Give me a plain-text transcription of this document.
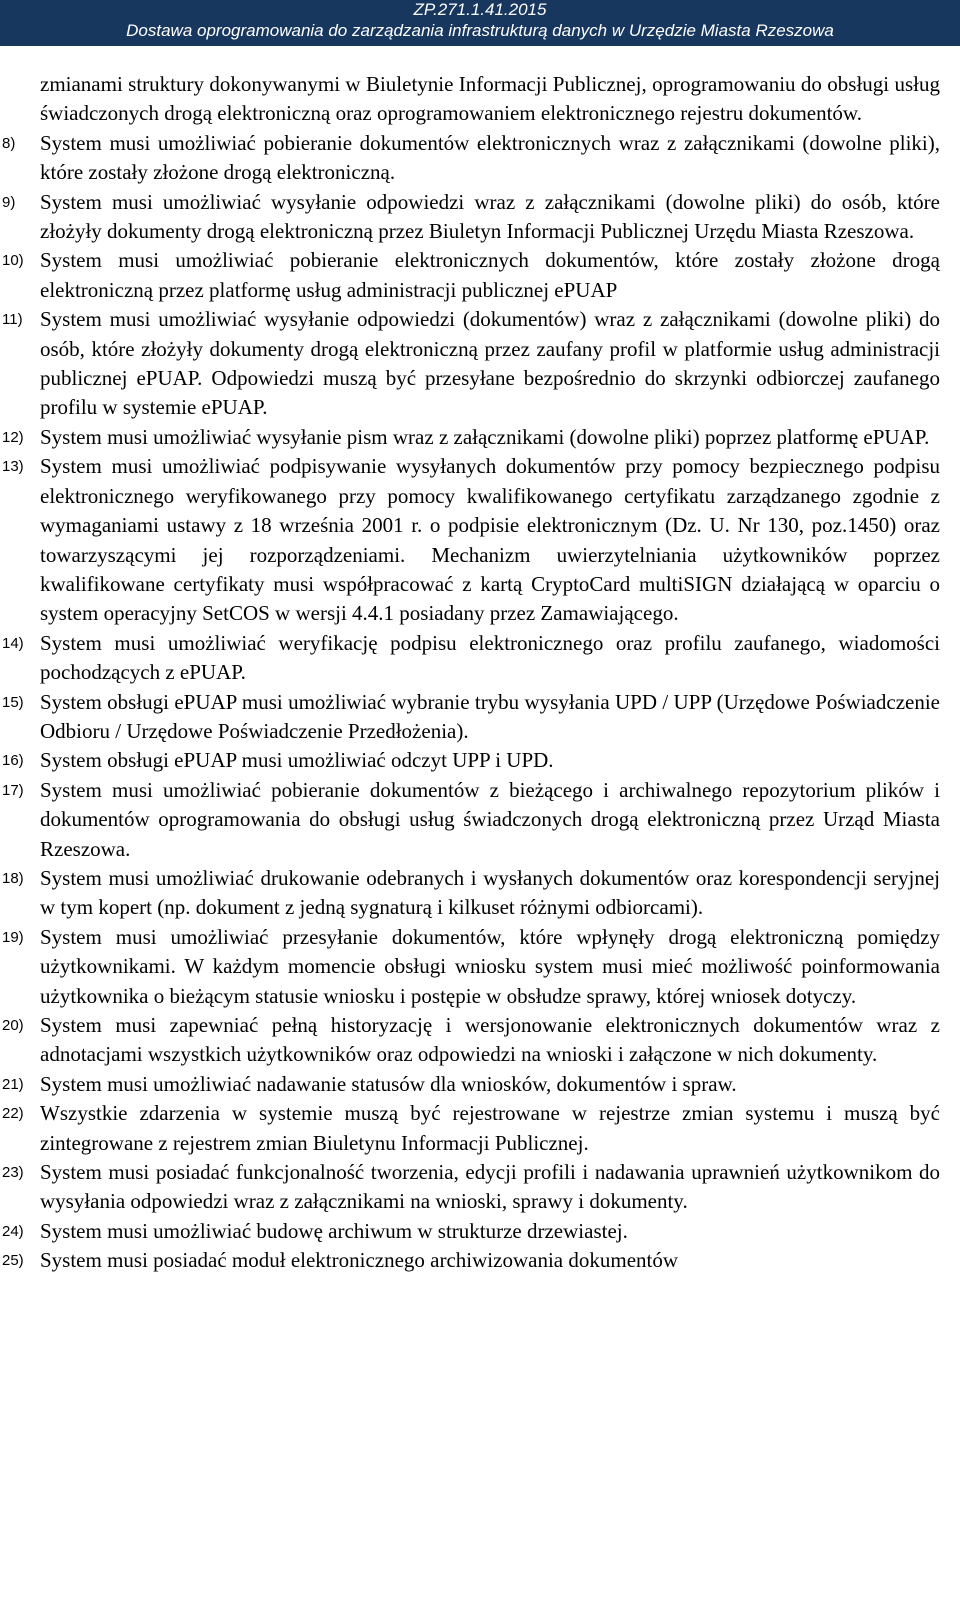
ZP.271.1.41.2015
Dostawa oprogramowania do zarządzania infrastrukturą danych w Urzędzie Miasta Rzeszowa

zmianami struktury dokonywanymi w Biuletynie Informacji Publicznej, oprogramowaniu do obsługi usług świadczonych drogą elektroniczną oraz oprogramowaniem elektronicznego rejestru dokumentów.

8) System musi umożliwiać pobieranie dokumentów elektronicznych wraz z załącznikami (dowolne pliki), które zostały złożone drogą elektroniczną.
9) System musi umożliwiać wysyłanie odpowiedzi wraz z załącznikami (dowolne pliki) do osób, które złożyły dokumenty drogą elektroniczną przez Biuletyn Informacji Publicznej Urzędu Miasta Rzeszowa.
10) System musi umożliwiać pobieranie elektronicznych dokumentów, które zostały złożone drogą elektroniczną przez platformę usług administracji publicznej ePUAP
11) System musi umożliwiać wysyłanie odpowiedzi (dokumentów) wraz z załącznikami (dowolne pliki) do osób, które złożyły dokumenty drogą elektroniczną przez zaufany profil w platformie usług administracji publicznej ePUAP. Odpowiedzi muszą być przesyłane bezpośrednio do skrzynki odbiorczej zaufanego profilu w systemie ePUAP.
12) System musi umożliwiać wysyłanie pism wraz z załącznikami (dowolne pliki) poprzez platformę ePUAP.
13) System musi umożliwiać podpisywanie wysyłanych dokumentów przy pomocy bezpiecznego podpisu elektronicznego weryfikowanego przy pomocy kwalifikowanego certyfikatu zarządzanego zgodnie z wymaganiami ustawy z 18 września 2001 r. o podpisie elektronicznym (Dz. U. Nr 130, poz.1450) oraz towarzyszącymi jej rozporządzeniami. Mechanizm uwierzytelniania użytkowników poprzez kwalifikowane certyfikaty musi współpracować z kartą CryptoCard multiSIGN działającą w oparciu o system operacyjny SetCOS w wersji 4.4.1 posiadany przez Zamawiającego.
14) System musi umożliwiać weryfikację podpisu elektronicznego oraz profilu zaufanego, wiadomości pochodzących z ePUAP.
15) System obsługi ePUAP musi umożliwiać wybranie trybu wysyłania UPD / UPP (Urzędowe Poświadczenie Odbioru / Urzędowe Poświadczenie Przedłożenia).
16) System obsługi ePUAP musi umożliwiać odczyt UPP i UPD.
17) System musi umożliwiać pobieranie dokumentów z bieżącego i archiwalnego repozytorium plików i dokumentów oprogramowania do obsługi usług świadczonych drogą elektroniczną przez Urząd Miasta Rzeszowa.
18) System musi umożliwiać drukowanie odebranych i wysłanych dokumentów oraz korespondencji seryjnej w tym kopert (np. dokument z jedną sygnaturą i kilkuset różnymi odbiorcami).
19) System musi umożliwiać przesyłanie dokumentów, które wpłynęły drogą elektroniczną pomiędzy użytkownikami. W każdym momencie obsługi wniosku system musi mieć możliwość poinformowania użytkownika o bieżącym statusie wniosku i postępie w obsłudze sprawy, której wniosek dotyczy.
20) System musi zapewniać pełną historyzację i wersjonowanie elektronicznych dokumentów wraz z adnotacjami wszystkich użytkowników oraz odpowiedzi na wnioski i załączone w nich dokumenty.
21) System musi umożliwiać nadawanie statusów dla wniosków, dokumentów i spraw.
22) Wszystkie zdarzenia w systemie muszą być rejestrowane w rejestrze zmian systemu i muszą być zintegrowane z rejestrem zmian Biuletynu Informacji Publicznej.
23) System musi posiadać funkcjonalność tworzenia, edycji profili i nadawania uprawnień użytkownikom do wysyłania odpowiedzi wraz z załącznikami na wnioski, sprawy i dokumenty.
24) System musi umożliwiać budowę archiwum w strukturze drzewiastej.
25) System musi posiadać moduł elektronicznego archiwizowania dokumentów
